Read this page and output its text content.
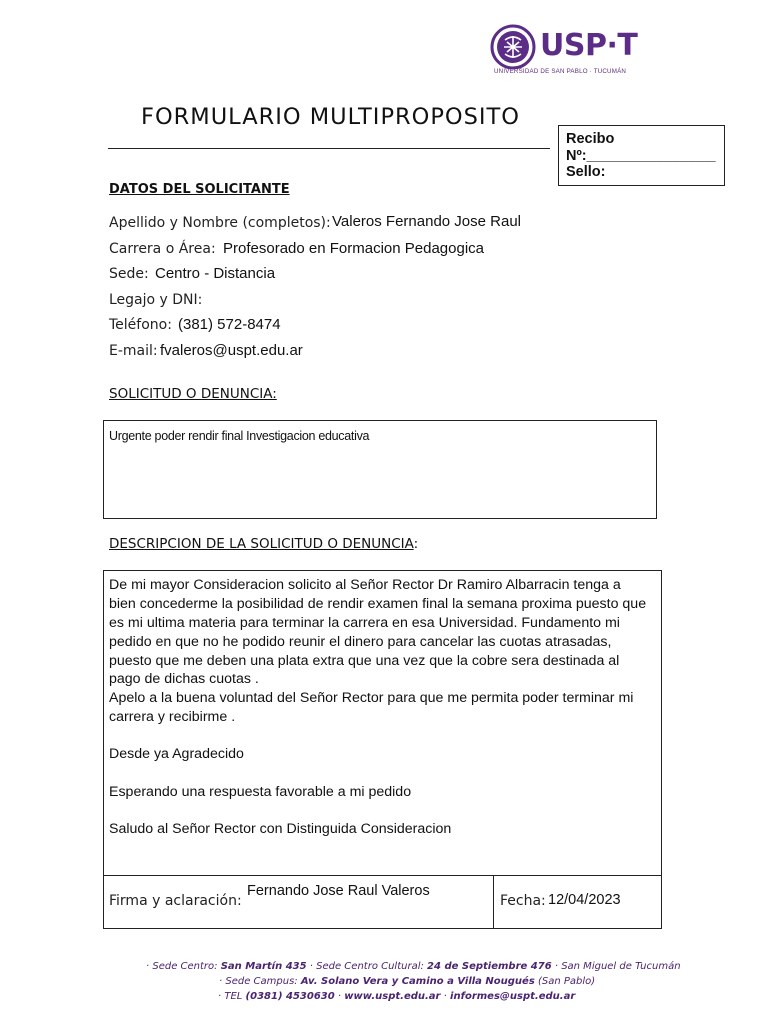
USP·T
UNIVERSIDAD DE SAN PABLO · TUCUMÁN
FORMULARIO MULTIPROPOSITO
Recibo
Nº:________________
Sello:
DATOS DEL SOLICITANTE
Apellido y Nombre (completos): Valeros Fernando Jose Raul
Carrera o Área: Profesorado en Formacion Pedagogica
Sede: Centro - Distancia
Legajo y DNI:
Teléfono: (381) 572-8474
E-mail: fvaleros@uspt.edu.ar
SOLICITUD O DENUNCIA:
Urgente poder rendir final Investigacion educativa
DESCRIPCION DE LA SOLICITUD O DENUNCIA:
De mi mayor Consideracion solicito al Señor Rector Dr Ramiro Albarracin tenga a
bien concederme la posibilidad de rendir examen final la semana proxima puesto que
es mi ultima materia para terminar la carrera en esa Universidad. Fundamento mi
pedido en que no he podido reunir el dinero para cancelar las cuotas atrasadas,
puesto que me deben una plata extra que una vez que la cobre sera destinada al
pago de dichas cuotas .
Apelo a la buena voluntad del Señor Rector para que me permita poder terminar mi
carrera y recibirme .
Desde ya Agradecido
Esperando una respuesta favorable a mi pedido
Saludo al Señor Rector con Distinguida Consideracion
Firma y aclaración:
Fernando Jose Raul Valeros
Fecha: 12/04/2023
· Sede Centro: San Martín 435 · Sede Centro Cultural: 24 de Septiembre 476 · San Miguel de Tucumán
· Sede Campus: Av. Solano Vera y Camino a Villa Nougués (San Pablo)
· TEL (0381) 4530630 · www.uspt.edu.ar · informes@uspt.edu.ar
